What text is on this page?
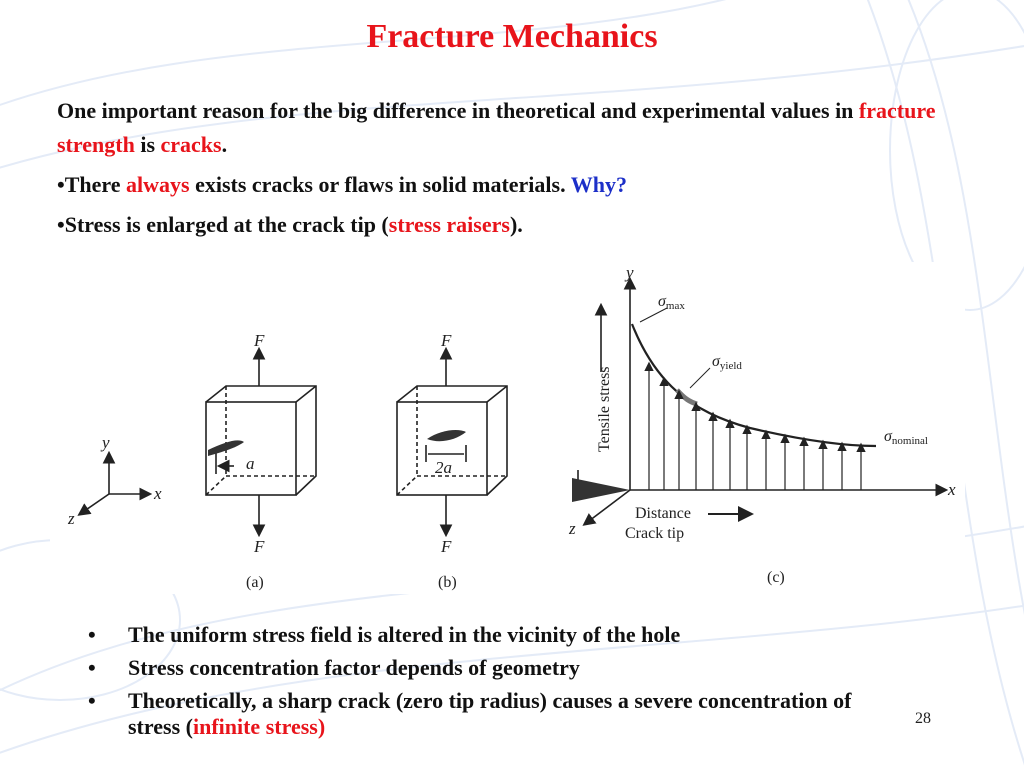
Fracture Mechanics
One important reason for the big difference in theoretical and experimental values in fracture strength is cracks.
•There always exists cracks or flaws in solid materials. Why?
•Stress is enlarged at the crack tip (stress raisers).
y
x
z
F
F
a
F
F
2a
y
x
z
(a)	(b)	(c)
Tensile stress
Distance
Crack tip
σmax
σyield
σnominal
• The uniform stress field is altered in the vicinity of the hole
• Stress concentration factor depends of geometry
• Theoretically, a sharp crack (zero tip radius) causes a severe concentration of stress (infinite stress)	28
